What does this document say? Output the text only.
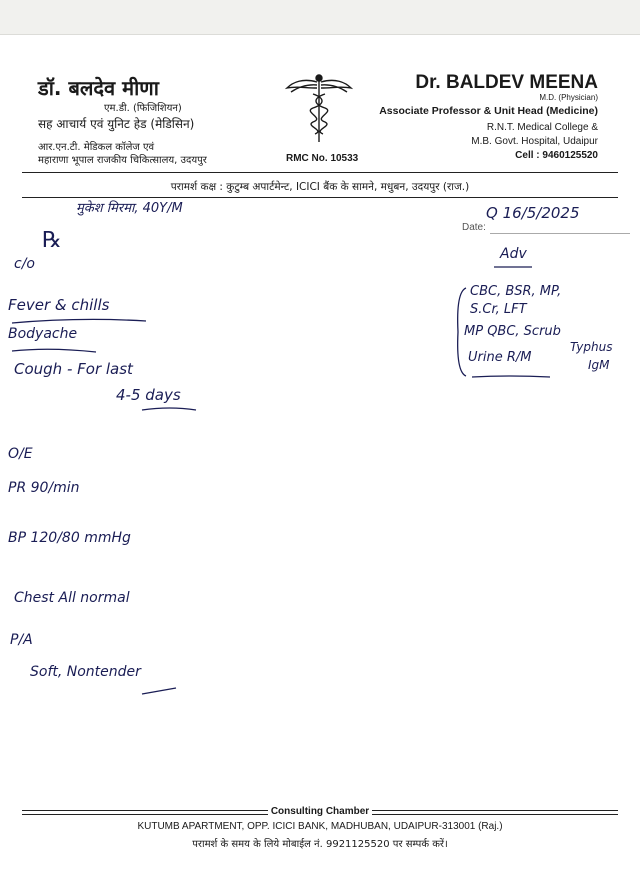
डॉ. बलदेव मीणा
एम.डी. (फिजिशियन)
सह आचार्य एवं युनिट हेड (मेडिसिन)
आर.एन.टी. मेडिकल कॉलेज एवं
महाराणा भूपाल राजकीय चिकित्सालय, उदयपुर	RMC No. 10533
Dr. BALDEV MEENA
M.D. (Physician)
Associate Professor & Unit Head (Medicine)
R.N.T. Medical College &
M.B. Govt. Hospital, Udaipur
Cell : 9460125520
परामर्श कक्ष : कुटुम्ब अपार्टमेन्ट, ICICI बैंक के सामने, मधुबन, उदयपुर (राज.)
मुकेश मिरमा, 40Y/M
Date:
Q 16/5/2025
℞
c/o
Fever & chills
Bodyache
Cough - For last
4-5 days
Adv
CBC, BSR, MP,
S.Cr, LFT
MP QBC, Scrub
Urine R/M
Typhus
IgM
O/E
PR 90/min
BP 120/80 mmHg
Chest All normal
P/A
Soft, Nontender
Consulting Chamber
KUTUMB APARTMENT, OPP. ICICI BANK, MADHUBAN, UDAIPUR-313001 (Raj.)
परामर्श के समय के लिये मोबाईल नं. 9921125520 पर सम्पर्क करें।
